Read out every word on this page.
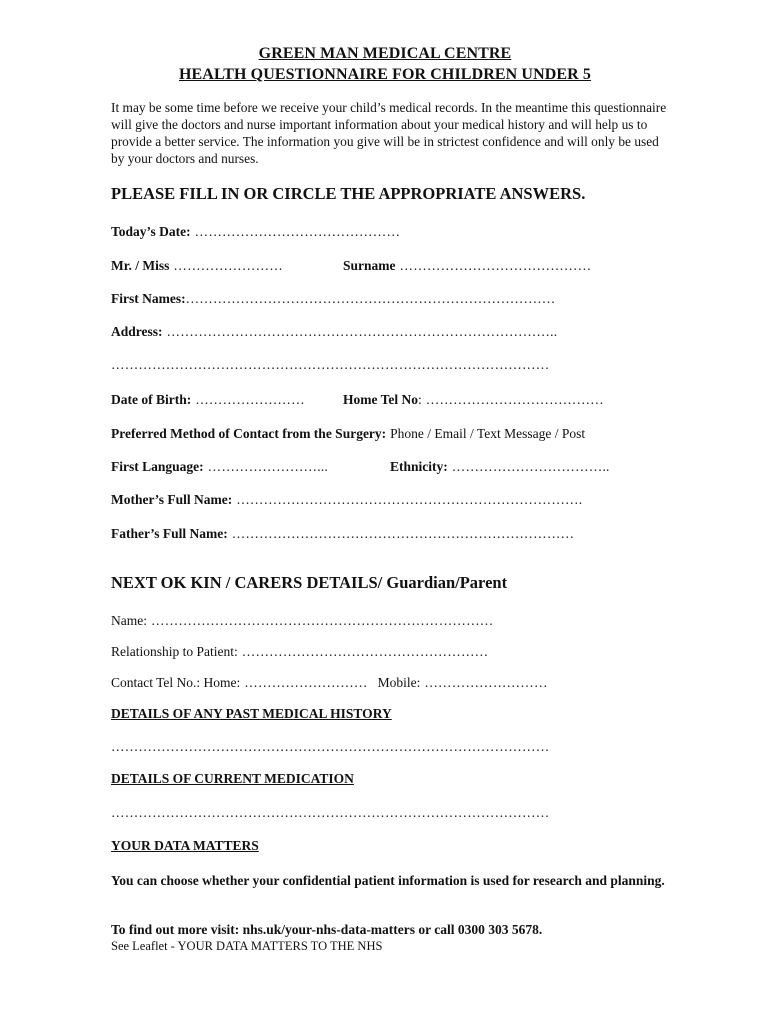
GREEN MAN MEDICAL CENTRE
HEALTH QUESTIONNAIRE FOR CHILDREN UNDER 5

It may be some time before we receive your child’s medical records. In the meantime this questionnaire will give the doctors and nurse important information about your medical history and will help us to provide a better service. The information you give will be in strictest confidence and will only be used by your doctors and nurses.

PLEASE FILL IN OR CIRCLE THE APPROPRIATE ANSWERS.
Today’s Date: ………………………………………
Mr. / Miss ……………………	Surname ……………………………………
First Names:………………………………………………………………………
Address: …………………………………………………………………………..
……………………………………………………………………………………
Date of Birth: ……………………	Home Tel No: …………………………………
Preferred Method of Contact from the Surgery: Phone / Email / Text Message / Post
First Language: ……………………...	Ethnicity: ……………………………..
Mother’s Full Name: ………………………………………………………………….
Father’s Full Name: …………………………………………………………………
NEXT OK KIN / CARERS DETAILS/ Guardian/Parent
Name: …………………………………………………………………
Relationship to Patient: ………………………………………………
Contact Tel No.: Home: ……………………… Mobile: ………………………
DETAILS OF ANY PAST MEDICAL HISTORY
……………………………………………………………………………………
DETAILS OF CURRENT MEDICATION
……………………………………………………………………………………
YOUR DATA MATTERS

You can choose whether your confidential patient information is used for research and planning.

To find out more visit: nhs.uk/your-nhs-data-matters or call 0300 303 5678.
See Leaflet - YOUR DATA MATTERS TO THE NHS
